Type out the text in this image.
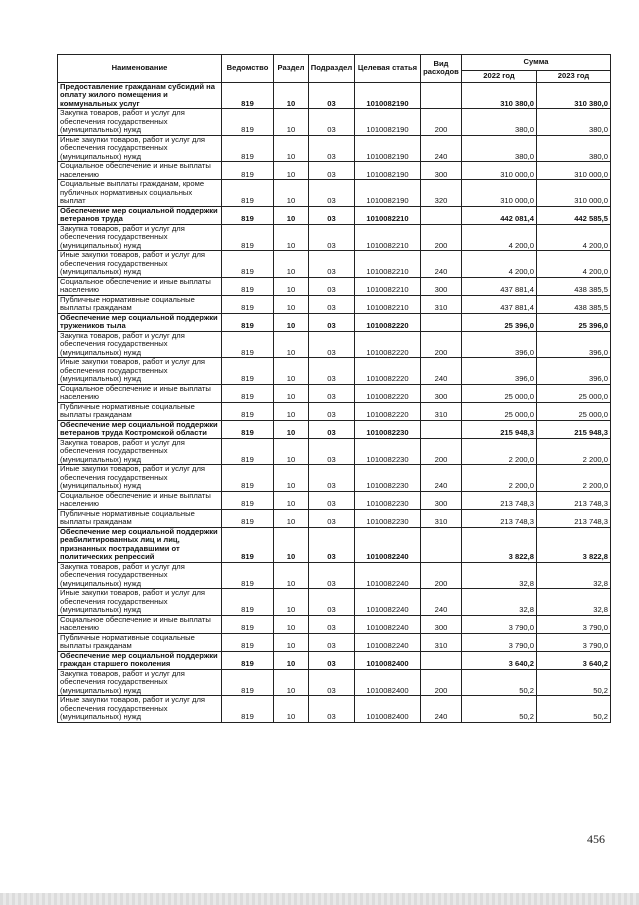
Наименование	Ведомство	Раздел	Подраздел	Целевая статья	Вид расходов	Сумма	
						2022 год	2023 год
Предоставление гражданам субсидий на оплату жилого помещения и коммунальных услуг	819	10	03	1010082190		310 380,0	310 380,0
Закупка товаров, работ и услуг для обеспечения государственных (муниципальных) нужд	819	10	03	1010082190	200	380,0	380,0
Иные закупки товаров, работ и услуг для обеспечения государственных (муниципальных) нужд	819	10	03	1010082190	240	380,0	380,0
Социальное обеспечение и иные выплаты населению	819	10	03	1010082190	300	310 000,0	310 000,0
Социальные выплаты гражданам, кроме публичных нормативных социальных выплат	819	10	03	1010082190	320	310 000,0	310 000,0
Обеспечение мер социальной поддержки ветеранов труда	819	10	03	1010082210		442 081,4	442 585,5
Закупка товаров, работ и услуг для обеспечения государственных (муниципальных) нужд	819	10	03	1010082210	200	4 200,0	4 200,0
Иные закупки товаров, работ и услуг для обеспечения государственных (муниципальных) нужд	819	10	03	1010082210	240	4 200,0	4 200,0
Социальное обеспечение и иные выплаты населению	819	10	03	1010082210	300	437 881,4	438 385,5
Публичные нормативные социальные выплаты гражданам	819	10	03	1010082210	310	437 881,4	438 385,5
Обеспечение мер социальной поддержки тружеников тыла	819	10	03	1010082220		25 396,0	25 396,0
Закупка товаров, работ и услуг для обеспечения государственных (муниципальных) нужд	819	10	03	1010082220	200	396,0	396,0
Иные закупки товаров, работ и услуг для обеспечения государственных (муниципальных) нужд	819	10	03	1010082220	240	396,0	396,0
Социальное обеспечение и иные выплаты населению	819	10	03	1010082220	300	25 000,0	25 000,0
Публичные нормативные социальные выплаты гражданам	819	10	03	1010082220	310	25 000,0	25 000,0
Обеспечение мер социальной поддержки ветеранов труда Костромской области	819	10	03	1010082230		215 948,3	215 948,3
Закупка товаров, работ и услуг для обеспечения государственных (муниципальных) нужд	819	10	03	1010082230	200	2 200,0	2 200,0
Иные закупки товаров, работ и услуг для обеспечения государственных (муниципальных) нужд	819	10	03	1010082230	240	2 200,0	2 200,0
Социальное обеспечение и иные выплаты населению	819	10	03	1010082230	300	213 748,3	213 748,3
Публичные нормативные социальные выплаты гражданам	819	10	03	1010082230	310	213 748,3	213 748,3
Обеспечение мер социальной поддержки реабилитированных лиц и лиц, признанных пострадавшими от политических репрессий	819	10	03	1010082240		3 822,8	3 822,8
Закупка товаров, работ и услуг для обеспечения государственных (муниципальных) нужд	819	10	03	1010082240	200	32,8	32,8
Иные закупки товаров, работ и услуг для обеспечения государственных (муниципальных) нужд	819	10	03	1010082240	240	32,8	32,8
Социальное обеспечение и иные выплаты населению	819	10	03	1010082240	300	3 790,0	3 790,0
Публичные нормативные социальные выплаты гражданам	819	10	03	1010082240	310	3 790,0	3 790,0
Обеспечение мер социальной поддержки граждан старшего поколения	819	10	03	1010082400		3 640,2	3 640,2
Закупка товаров, работ и услуг для обеспечения государственных (муниципальных) нужд	819	10	03	1010082400	200	50,2	50,2
Иные закупки товаров, работ и услуг для обеспечения государственных (муниципальных) нужд	819	10	03	1010082400	240	50,2	50,2
456
